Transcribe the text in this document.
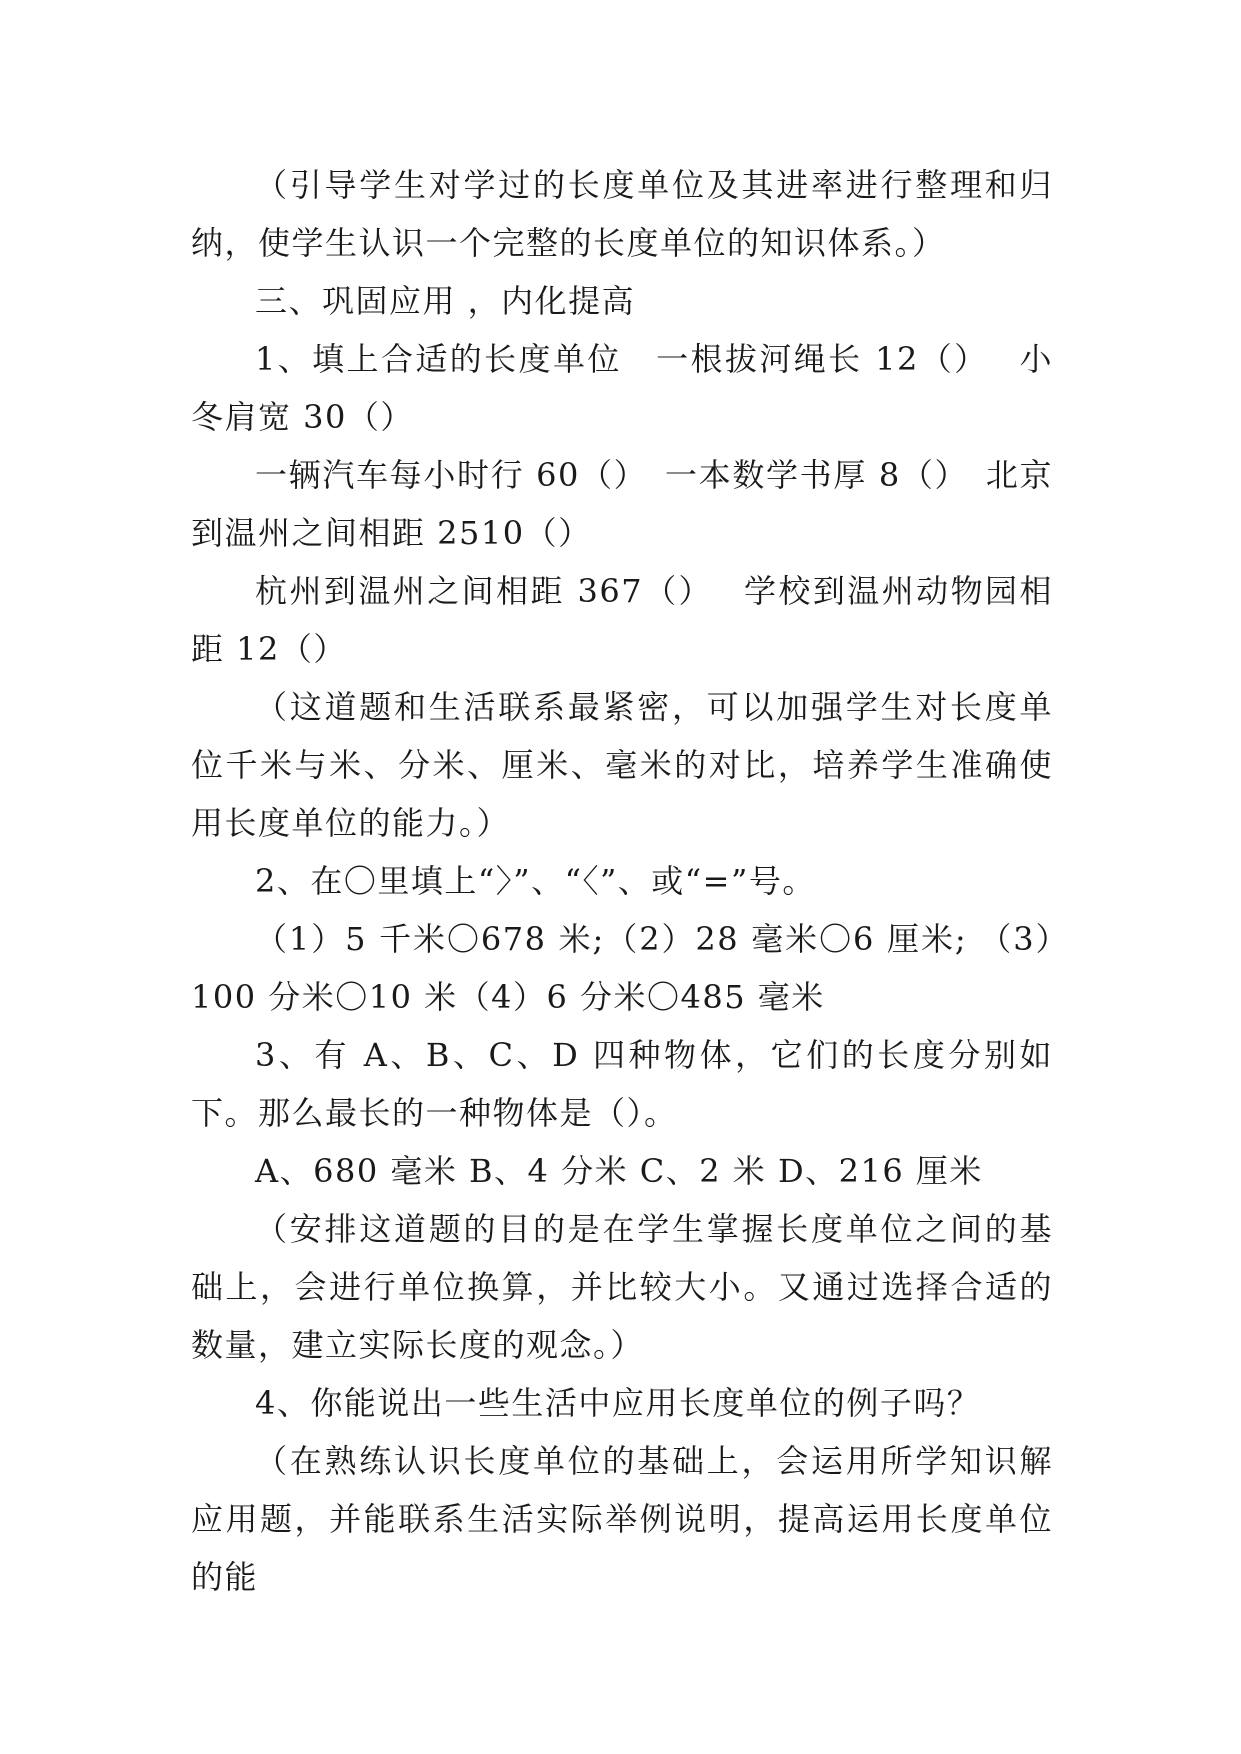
（引导学生对学过的长度单位及其进率进行整理和归纳，使学生认识一个完整的长度单位的知识体系。）

三、巩固应用 ，内化提高

1、填上合适的长度单位　一根拔河绳长 12（）　 小冬肩宽 30（）

一辆汽车每小时行 60（）　一本数学书厚 8（）　北京到温州之间相距 2510（）

杭州到温州之间相距 367（）　 学校到温州动物园相距 12（）

（这道题和生活联系最紧密，可以加强学生对长度单位千米与米、分米、厘米、毫米的对比，培养学生准确使用长度单位的能力。）

2、在〇里填上“〉”、“〈”、或“=”号。

（1）5 千米〇678 米;（2）28 毫米〇6 厘米; （3）100 分米〇10 米（4）6 分米〇485 毫米

3、有 A、B、C、D 四种物体，它们的长度分别如下。那么最长的一种物体是（）。

A、680 毫米 B、4 分米 C、2 米 D、216 厘米

（安排这道题的目的是在学生掌握长度单位之间的基础上，会进行单位换算，并比较大小。又通过选择合适的数量，建立实际长度的观念。）

4、你能说出一些生活中应用长度单位的例子吗？

（在熟练认识长度单位的基础上，会运用所学知识解应用题，并能联系生活实际举例说明，提高运用长度单位的能
